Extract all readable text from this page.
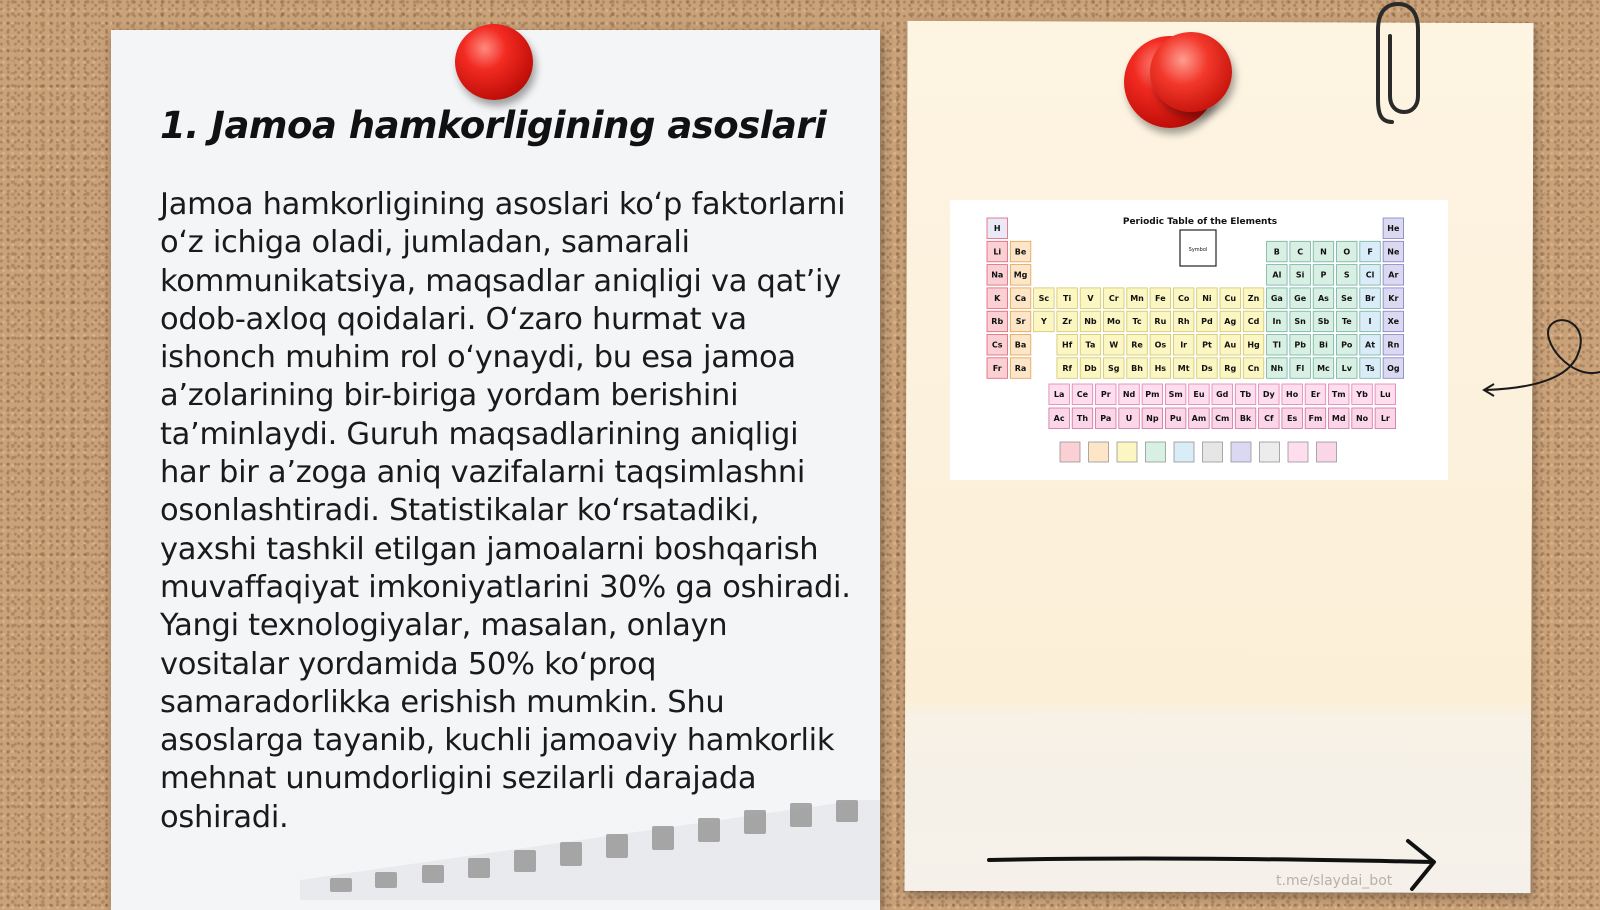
1. Jamoa hamkorligining asoslari

Jamoa hamkorligining asoslari koʻp faktorlarni oʻz ichiga oladi, jumladan, samarali kommunikatsiya, maqsadlar aniqligi va qatʼiy odob-axloq qoidalari. Oʻzaro hurmat va ishonch muhim rol oʻynaydi, bu esa jamoa aʼzolarining bir-biriga yordam berishini taʼminlaydi. Guruh maqsadlarining aniqligi har bir aʼzoga aniq vazifalarni taqsimlashni osonlashtiradi. Statistikalar koʻrsatadiki, yaxshi tashkil etilgan jamoalarni boshqarish muvaffaqiyat imkoniyatlarini 30% ga oshiradi. Yangi texnologiyalar, masalan, onlayn vositalar yordamida 50% koʻproq samaradorlikka erishish mumkin. Shu asoslarga tayanib, kuchli jamoaviy hamkorlik mehnat unumdorligini sezilarli darajada oshiradi.

Periodic Table of the Elements
Symbol
H	He
Li Be	B C N O F Ne
Na Mg	Al Si P S Cl Ar
K Ca Sc Ti V Cr Mn Fe Co Ni Cu Zn Ga Ge As Se Br Kr
Rb Sr Y Zr Nb Mo Tc Ru Rh Pd Ag Cd In Sn Sb Te I Xe
Cs Ba	Hf Ta W Re Os Ir Pt Au Hg Tl Pb Bi Po At Rn
Fr Ra	Rf Db Sg Bh Hs Mt Ds Rg Cn Nh Fl Mc Lv Ts Og
La Ce Pr Nd Pm Sm Eu Gd Tb Dy Ho Er Tm Yb Lu
Ac Th Pa U Np Pu Am Cm Bk Cf Es Fm Md No Lr
t.me/slaydai_bot
